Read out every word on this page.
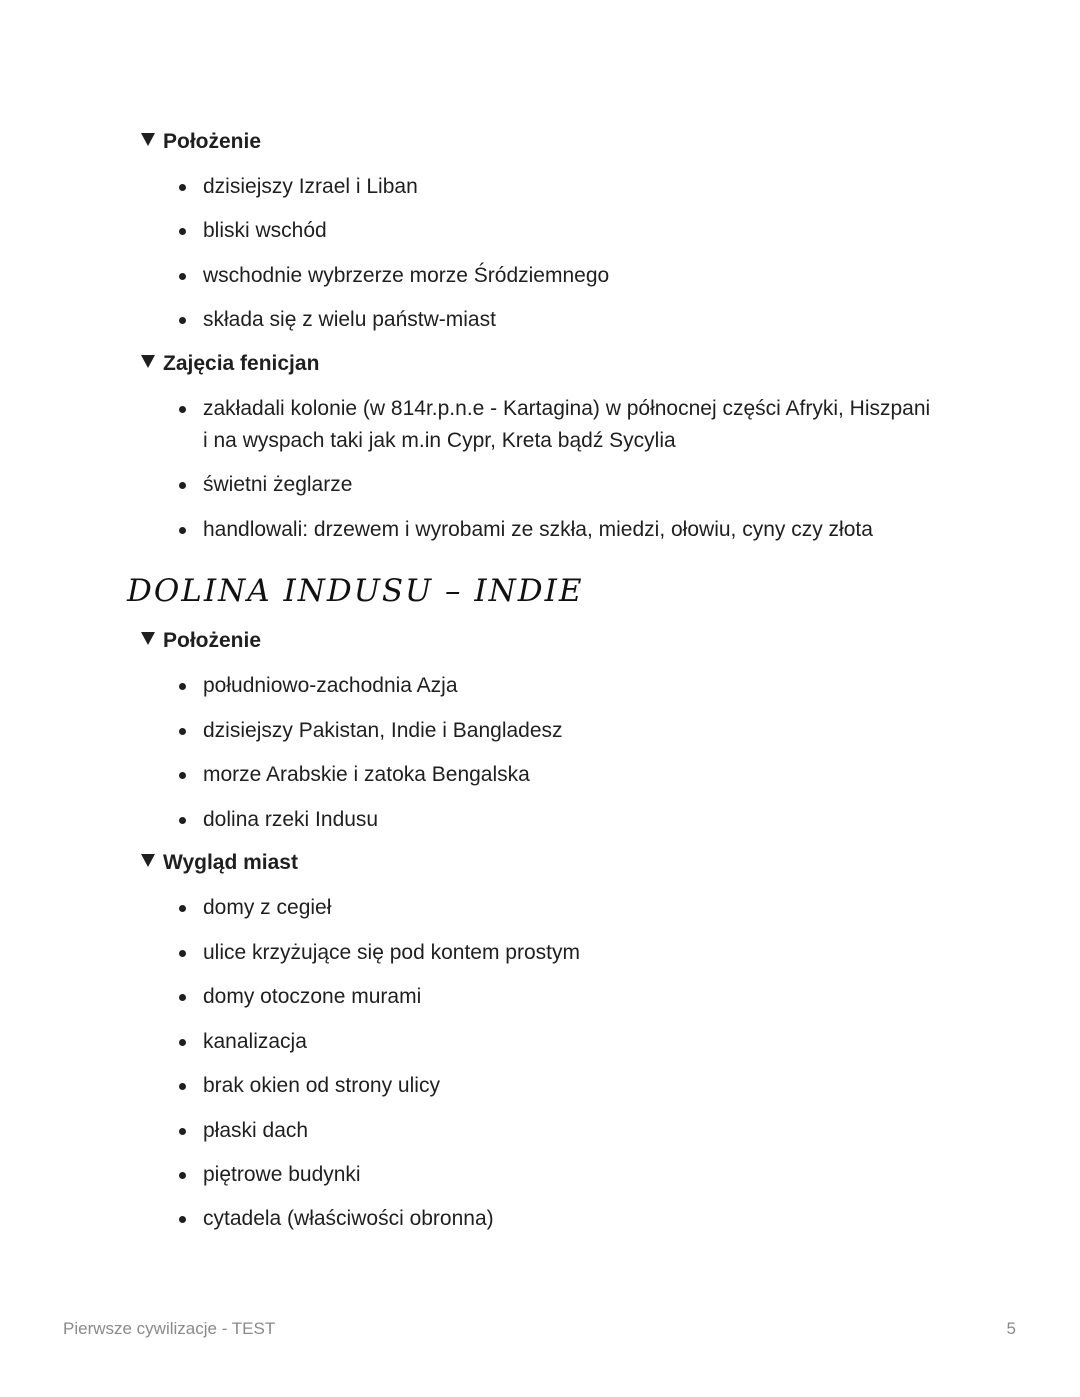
Położenie
dzisiejszy Izrael i Liban
bliski wschód
wschodnie wybrzerze morze Śródziemnego
składa się z wielu państw-miast
Zajęcia fenicjan
zakładali kolonie (w 814r.p.n.e - Kartagina) w północnej części Afryki, Hiszpani i na wyspach taki jak m.in Cypr, Kreta bądź Sycylia
świetni żeglarze
handlowali: drzewem i wyrobami ze szkła, miedzi, ołowiu, cyny czy złota
DOLINA INDUSU – INDIE
Położenie
południowo-zachodnia Azja
dzisiejszy Pakistan, Indie i Bangladesz
morze Arabskie i zatoka Bengalska
dolina rzeki Indusu
Wygląd miast
domy z cegieł
ulice krzyżujące się pod kontem prostym
domy otoczone murami
kanalizacja
brak okien od strony ulicy
płaski dach
piętrowe budynki
cytadela (właściwości obronna)
Pierwsze cywilizacje - TEST	5
